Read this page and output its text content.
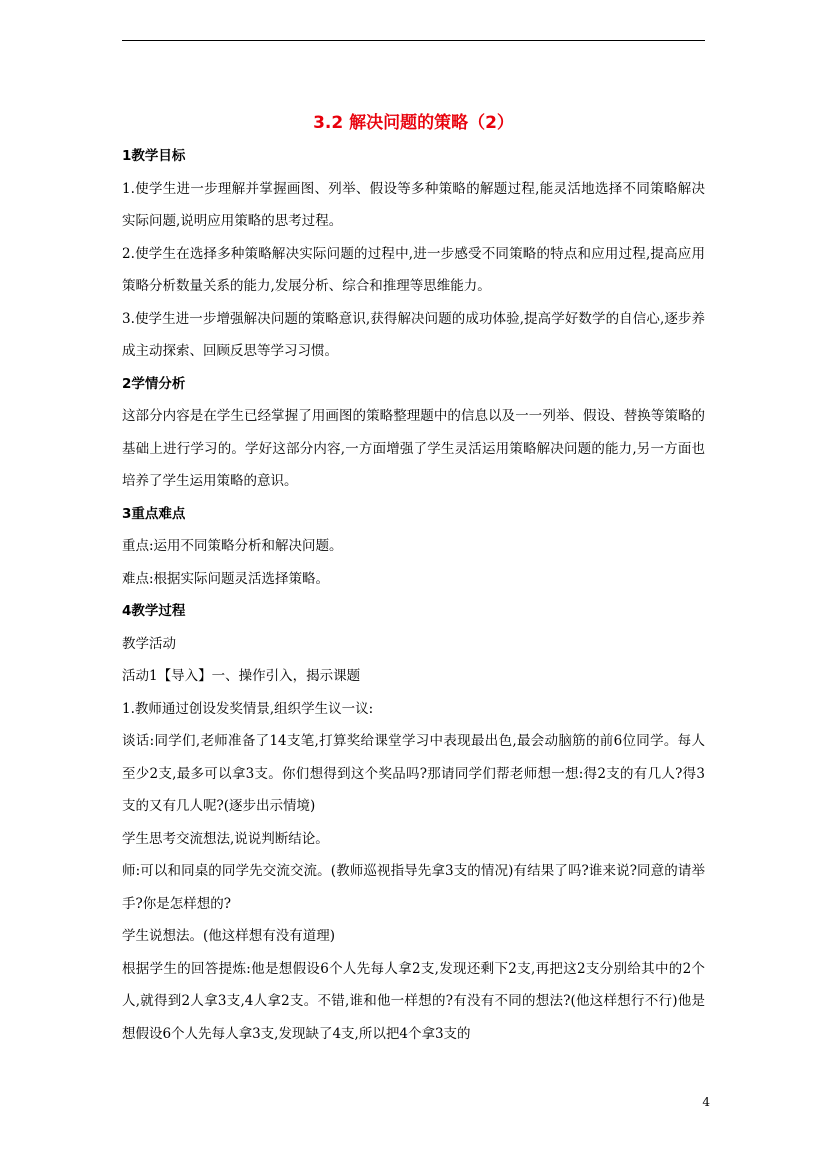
3.2 解决问题的策略（2）
1教学目标

1.使学生进一步理解并掌握画图、列举、假设等多种策略的解题过程,能灵活地选择不同策略解决实际问题,说明应用策略的思考过程。

2.使学生在选择多种策略解决实际问题的过程中,进一步感受不同策略的特点和应用过程,提高应用策略分析数量关系的能力,发展分析、综合和推理等思维能力。

3.使学生进一步增强解决问题的策略意识,获得解决问题的成功体验,提高学好数学的自信心,逐步养成主动探索、回顾反思等学习习惯。

2学情分析

这部分内容是在学生已经掌握了用画图的策略整理题中的信息以及一一列举、假设、替换等策略的基础上进行学习的。学好这部分内容,一方面增强了学生灵活运用策略解决问题的能力,另一方面也培养了学生运用策略的意识。

3重点难点

重点:运用不同策略分析和解决问题。

难点:根据实际问题灵活选择策略。

4教学过程

教学活动

活动1【导入】一、操作引入，揭示课题

1.教师通过创设发奖情景,组织学生议一议:

谈话:同学们,老师准备了14支笔,打算奖给课堂学习中表现最出色,最会动脑筋的前6位同学。每人至少2支,最多可以拿3支。你们想得到这个奖品吗?那请同学们帮老师想一想:得2支的有几人?得3支的又有几人呢?(逐步出示情境)

学生思考交流想法,说说判断结论。

师:可以和同桌的同学先交流交流。(教师巡视指导先拿3支的情况)有结果了吗?谁来说?同意的请举手?你是怎样想的?

学生说想法。(他这样想有没有道理)

根据学生的回答提炼:他是想假设6个人先每人拿2支,发现还剩下2支,再把这2支分别给其中的2个人,就得到2人拿3支,4人拿2支。不错,谁和他一样想的?有没有不同的想法?(他这样想行不行)他是想假设6个人先每人拿3支,发现缺了4支,所以把4个拿3支的

4
